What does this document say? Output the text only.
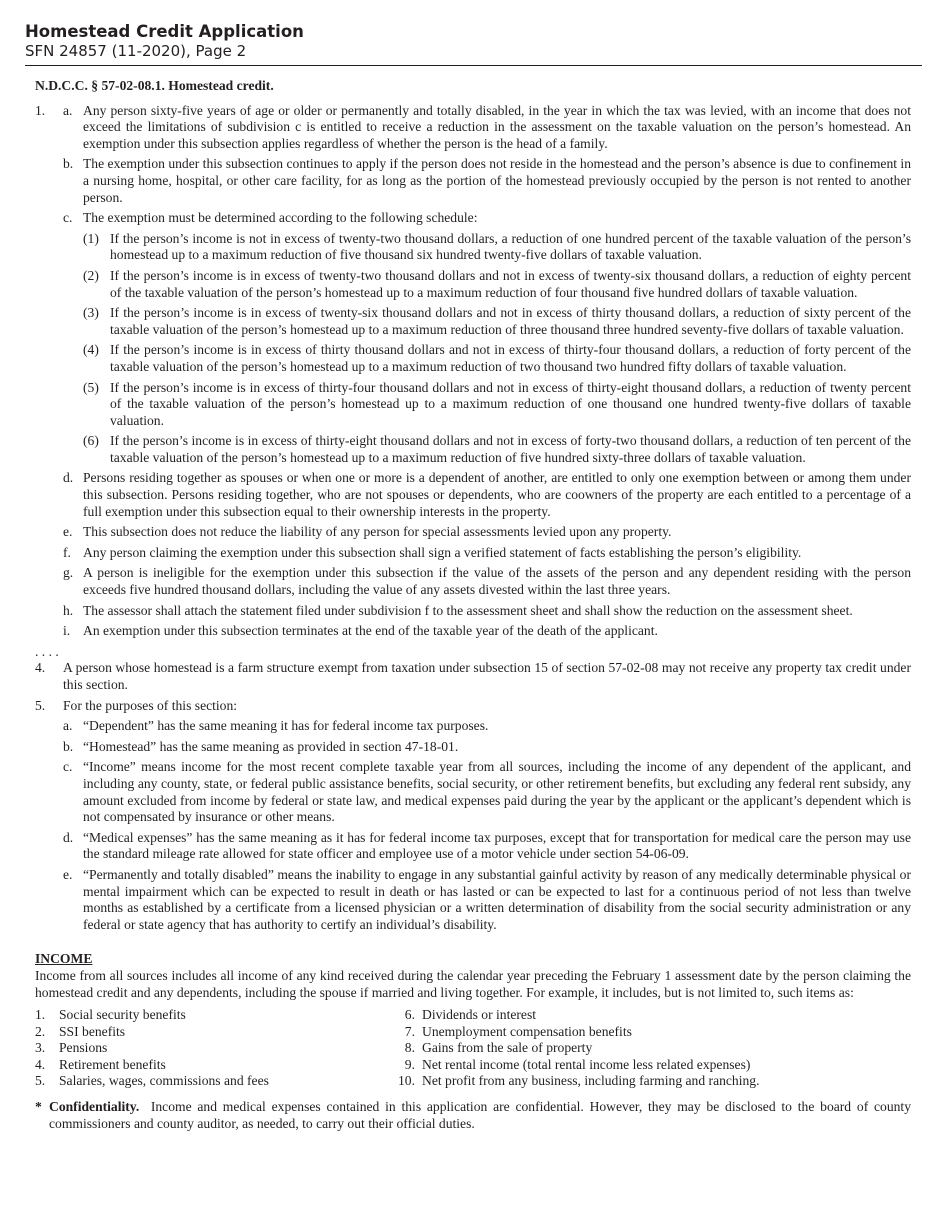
Homestead Credit Application
SFN 24857 (11-2020), Page 2

N.D.C.C. § 57-02-08.1. Homestead credit.

1.	a. Any person sixty-five years of age or older or permanently and totally disabled, in the year in which the tax was levied, with an income that does not exceed the limitations of subdivision c is entitled to receive a reduction in the assessment on the taxable valuation on the person’s homestead. An exemption under this subsection applies regardless of whether the person is the head of a family.
b. The exemption under this subsection continues to apply if the person does not reside in the homestead and the person’s absence is due to confinement in a nursing home, hospital, or other care facility, for as long as the portion of the homestead previously occupied by the person is not rented to another person.
c. The exemption must be determined according to the following schedule:
(1) If the person’s income is not in excess of twenty-two thousand dollars, a reduction of one hundred percent of the taxable valuation of the person’s homestead up to a maximum reduction of five thousand six hundred twenty-five dollars of taxable valuation.
(2) If the person’s income is in excess of twenty-two thousand dollars and not in excess of twenty-six thousand dollars, a reduction of eighty percent of the taxable valuation of the person’s homestead up to a maximum reduction of four thousand five hundred dollars of taxable valuation.
(3) If the person’s income is in excess of twenty-six thousand dollars and not in excess of thirty thousand dollars, a reduction of sixty percent of the taxable valuation of the person’s homestead up to a maximum reduction of three thousand three hundred seventy-five dollars of taxable valuation.
(4) If the person’s income is in excess of thirty thousand dollars and not in excess of thirty-four thousand dollars, a reduction of forty percent of the taxable valuation of the person’s homestead up to a maximum reduction of two thousand two hundred fifty dollars of taxable valuation.
(5) If the person’s income is in excess of thirty-four thousand dollars and not in excess of thirty-eight thousand dollars, a reduction of twenty percent of the taxable valuation of the person’s homestead up to a maximum reduction of one thousand one hundred twenty-five dollars of taxable valuation.
(6) If the person’s income is in excess of thirty-eight thousand dollars and not in excess of forty-two thousand dollars, a reduction of ten percent of the taxable valuation of the person’s homestead up to a maximum reduction of five hundred sixty-three dollars of taxable valuation.
d. Persons residing together as spouses or when one or more is a dependent of another, are entitled to only one exemption between or among them under this subsection. Persons residing together, who are not spouses or dependents, who are coowners of the property are each entitled to a percentage of a full exemption under this subsection equal to their ownership interests in the property.
e. This subsection does not reduce the liability of any person for special assessments levied upon any property.
f. Any person claiming the exemption under this subsection shall sign a verified statement of facts establishing the person’s eligibility.
g. A person is ineligible for the exemption under this subsection if the value of the assets of the person and any dependent residing with the person exceeds five hundred thousand dollars, including the value of any assets divested within the last three years.
h. The assessor shall attach the statement filed under subdivision f to the assessment sheet and shall show the reduction on the assessment sheet.
i. An exemption under this subsection terminates at the end of the taxable year of the death of the applicant.

. . . .

4.	A person whose homestead is a farm structure exempt from taxation under subsection 15 of section 57-02-08 may not receive any property tax credit under this section.
5.	For the purposes of this section:
a. “Dependent” has the same meaning it has for federal income tax purposes.
b. “Homestead” has the same meaning as provided in section 47-18-01.
c. “Income” means income for the most recent complete taxable year from all sources, including the income of any dependent of the applicant, and including any county, state, or federal public assistance benefits, social security, or other retirement benefits, but excluding any federal rent subsidy, any amount excluded from income by federal or state law, and medical expenses paid during the year by the applicant or the applicant’s dependent which is not compensated by insurance or other means.
d. “Medical expenses” has the same meaning as it has for federal income tax purposes, except that for transportation for medical care the person may use the standard mileage rate allowed for state officer and employee use of a motor vehicle under section 54-06-09.
e. “Permanently and totally disabled” means the inability to engage in any substantial gainful activity by reason of any medically determinable physical or mental impairment which can be expected to result in death or has lasted or can be expected to last for a continuous period of not less than twelve months as established by a certificate from a licensed physician or a written determination of disability from the social security administration or any federal or state agency that has authority to certify an individual’s disability.

INCOME

Income from all sources includes all income of any kind received during the calendar year preceding the February 1 assessment date by the person claiming the homestead credit and any dependents, including the spouse if married and living together. For example, it includes, but is not limited to, such items as:

1.	Social security benefits
2.	SSI benefits
3.	Pensions
4.	Retirement benefits
5.	Salaries, wages, commissions and fees
6. Dividends or interest
7. Unemployment compensation benefits
8. Gains from the sale of property
9. Net rental income (total rental income less related expenses)
10. Net profit from any business, including farming and ranching.
* Confidentiality. Income and medical expenses contained in this application are confidential. However, they may be disclosed to the board of county commissioners and county auditor, as needed, to carry out their official duties.
